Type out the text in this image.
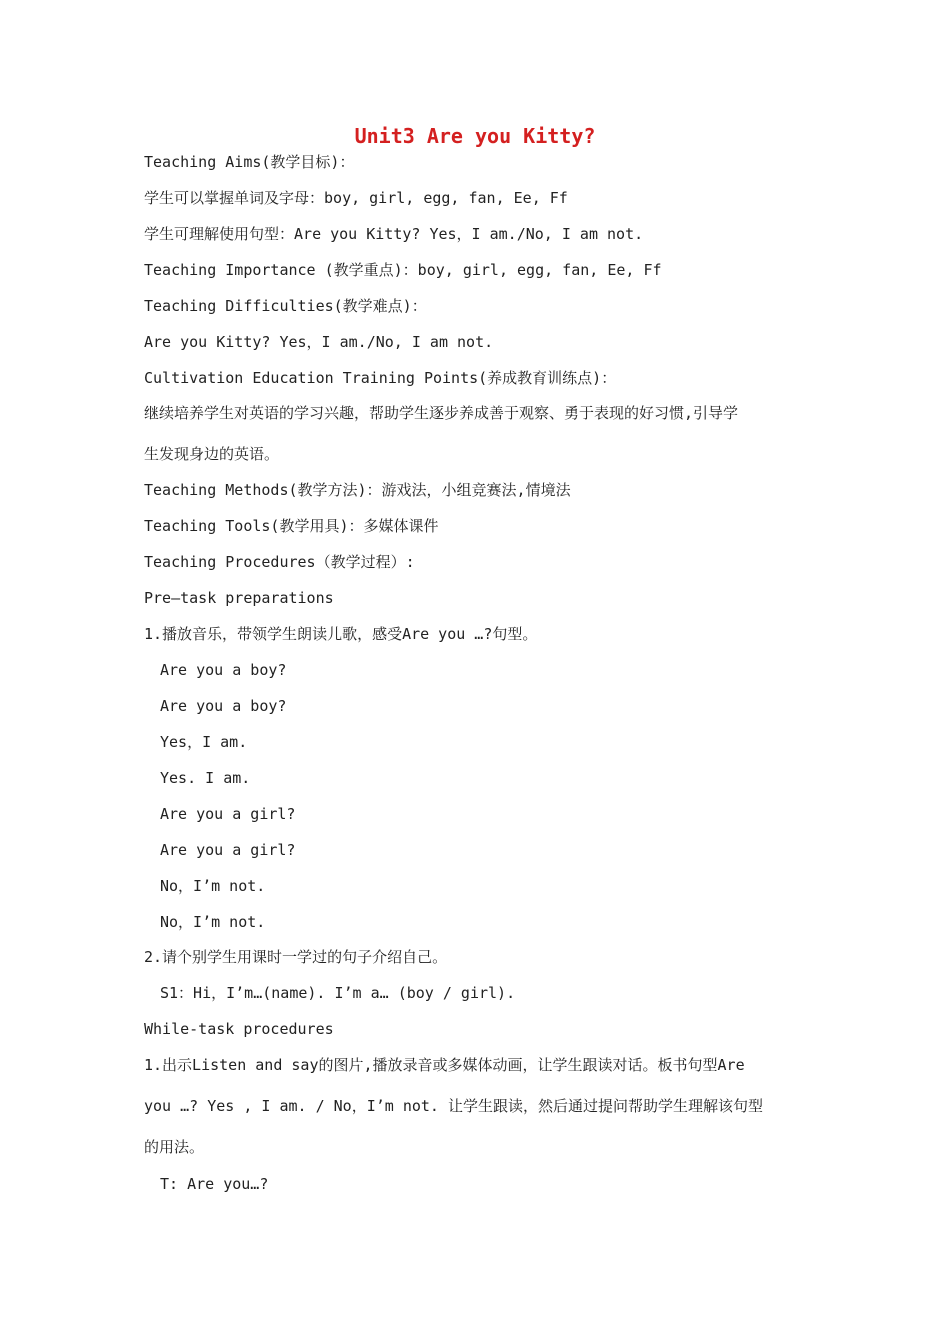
Unit3 Are you Kitty?
Teaching Aims(教学目标)：
学生可以掌握单词及字母：boy, girl, egg, fan, Ee, Ff
学生可理解使用句型：Are you Kitty? Yes，I am./No, I am not.
Teaching Importance (教学重点)：boy, girl, egg, fan, Ee, Ff
Teaching Difficulties(教学难点)：
Are you Kitty? Yes，I am./No, I am not.
Cultivation Education Training Points(养成教育训练点)：
继续培养学生对英语的学习兴趣，帮助学生逐步养成善于观察、勇于表现的好习惯,引导学
生发现身边的英语。
Teaching Methods(教学方法)：游戏法，小组竞赛法,情境法
Teaching Tools(教学用具)：多媒体课件
Teaching Procedures（教学过程）:
Pre—task preparations
1.播放音乐，带领学生朗读儿歌，感受Are you …?句型。
Are you a boy?
Are you a boy?
Yes，I am.
Yes. I am.
Are you a girl?
Are you a girl?
No，I’m not.
No，I’m not.
2.请个别学生用课时一学过的句子介绍自己。
S1：Hi，I’m…(name). I’m a… (boy / girl).
While-task procedures
1.出示Listen and say的图片,播放录音或多媒体动画，让学生跟读对话。板书句型Are
you …? Yes , I am. / No，I’m not. 让学生跟读，然后通过提问帮助学生理解该句型
的用法。
T: Are you…?
